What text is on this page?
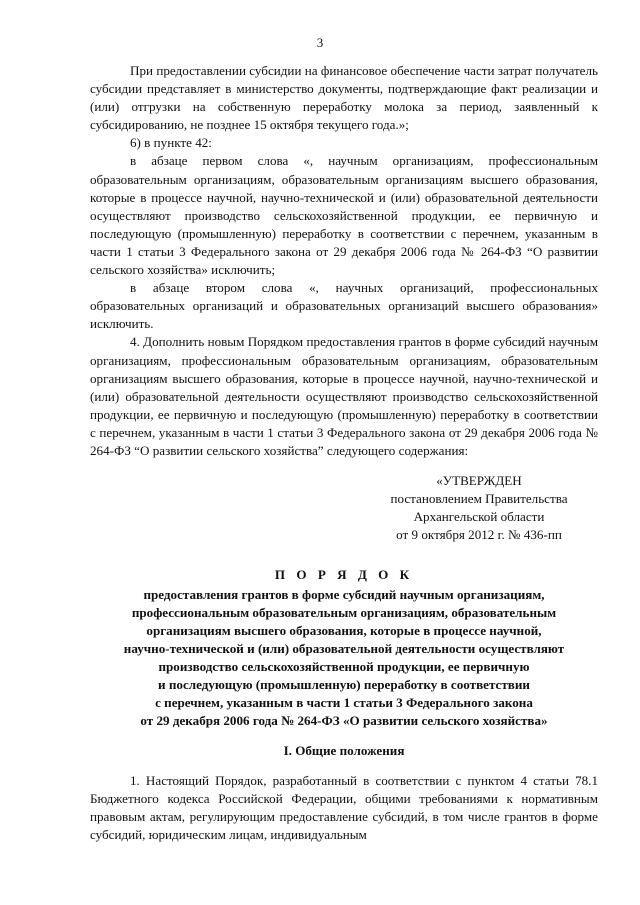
3

При предоставлении субсидии на финансовое обеспечение части затрат получатель субсидии представляет в министерство документы, подтверждающие факт реализации и (или) отгрузки на собственную переработку молока за период, заявленный к субсидированию, не позднее 15 октября текущего года.»;

6) в пункте 42:

в абзаце первом слова «, научным организациям, профессиональным образовательным организациям, образовательным организациям высшего образования, которые в процессе научной, научно-технической и (или) образовательной деятельности осуществляют производство сельскохозяйственной продукции, ее первичную и последующую (промышленную) переработку в соответствии с перечнем, указанным в части 1 статьи 3 Федерального закона от 29 декабря 2006 года № 264-ФЗ “О развитии сельского хозяйства» исключить;

в абзаце втором слова «, научных организаций, профессиональных образовательных организаций и образовательных организаций высшего образования» исключить.

4. Дополнить новым Порядком предоставления грантов в форме субсидий научным организациям, профессиональным образовательным организациям, образовательным организациям высшего образования, которые в процессе научной, научно-технической и (или) образовательной деятельности осуществляют производство сельскохозяйственной продукции, ее первичную и последующую (промышленную) переработку в соответствии с перечнем, указанным в части 1 статьи 3 Федерального закона от 29 декабря 2006 года № 264-ФЗ “О развитии сельского хозяйства” следующего содержания:

«УТВЕРЖДЕН
постановлением Правительства
Архангельской области
от 9 октября 2012 г. № 436-пп
П О Р Я Д О К
предоставления грантов в форме субсидий научным организациям,
профессиональным образовательным организациям, образовательным
организациям высшего образования, которые в процессе научной,
научно-технической и (или) образовательной деятельности осуществляют
производство сельскохозяйственной продукции, ее первичную
и последующую (промышленную) переработку в соответствии
с перечнем, указанным в части 1 статьи 3 Федерального закона
от 29 декабря 2006 года № 264-ФЗ «О развитии сельского хозяйства»
I. Общие положения

1. Настоящий Порядок, разработанный в соответствии с пунктом 4 статьи 78.1 Бюджетного кодекса Российской Федерации, общими требованиями к нормативным правовым актам, регулирующим предоставление субсидий, в том числе грантов в форме субсидий, юридическим лицам, индивидуальным
